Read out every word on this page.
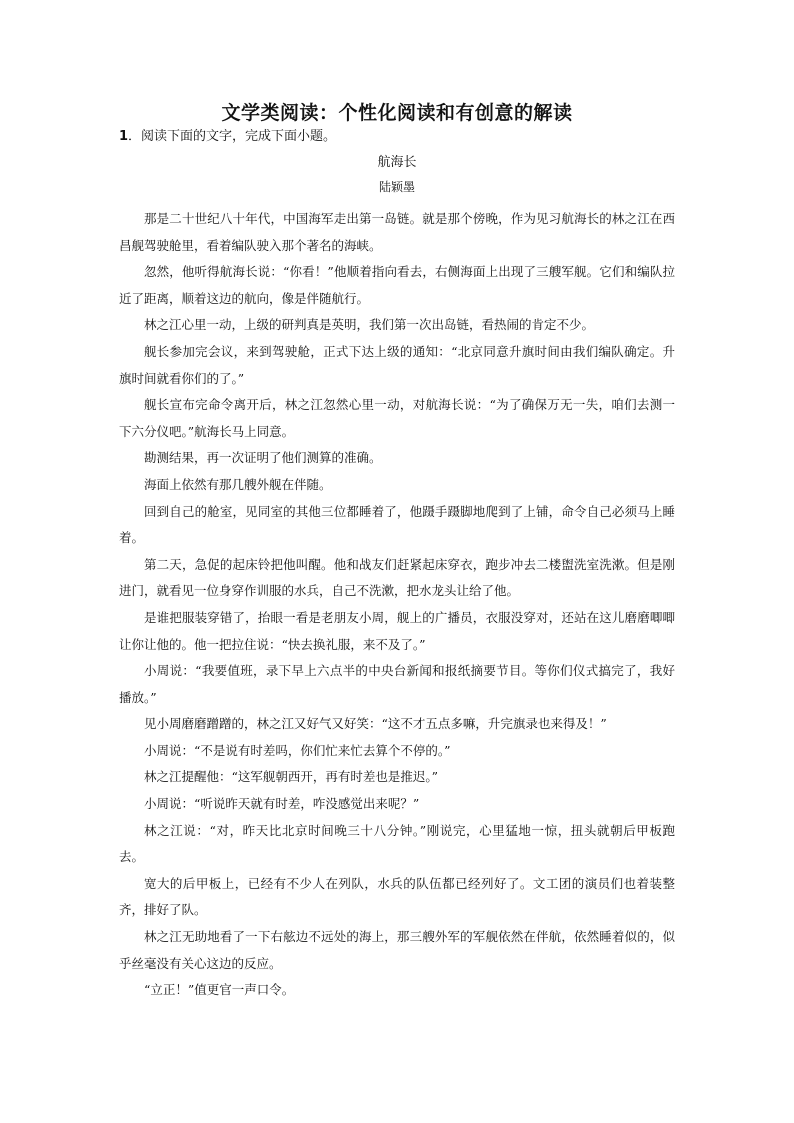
文学类阅读：个性化阅读和有创意的解读
1．阅读下面的文字，完成下面小题。
航海长
陆颖墨

那是二十世纪八十年代，中国海军走出第一岛链。就是那个傍晚，作为见习航海长的林之江在西昌舰驾驶舱里，看着编队驶入那个著名的海峡。

忽然，他听得航海长说：“你看！”他顺着指向看去，右侧海面上出现了三艘军舰。它们和编队拉近了距离，顺着这边的航向，像是伴随航行。

林之江心里一动，上级的研判真是英明，我们第一次出岛链，看热闹的肯定不少。

舰长参加完会议，来到驾驶舱，正式下达上级的通知：“北京同意升旗时间由我们编队确定。升旗时间就看你们的了。”

舰长宣布完命令离开后，林之江忽然心里一动，对航海长说：“为了确保万无一失，咱们去测一下六分仪吧。”航海长马上同意。

勘测结果，再一次证明了他们测算的准确。

海面上依然有那几艘外舰在伴随。

回到自己的舱室，见同室的其他三位都睡着了，他蹑手蹑脚地爬到了上铺，命令自己必须马上睡着。

第二天，急促的起床铃把他叫醒。他和战友们赶紧起床穿衣，跑步冲去二楼盥洗室洗漱。但是刚进门，就看见一位身穿作训服的水兵，自己不洗漱，把水龙头让给了他。

是谁把服装穿错了，抬眼一看是老朋友小周，舰上的广播员，衣服没穿对，还站在这儿磨磨唧唧让你让他的。他一把拉住说：“快去换礼服，来不及了。”

小周说：“我要值班，录下早上六点半的中央台新闻和报纸摘要节目。等你们仪式搞完了，我好播放。”

见小周磨磨蹭蹭的，林之江又好气又好笑：“这不才五点多嘛，升完旗录也来得及！”

小周说：“不是说有时差吗，你们忙来忙去算个不停的。”

林之江提醒他：“这军舰朝西开，再有时差也是推迟。”

小周说：“听说昨天就有时差，咋没感觉出来呢？”

林之江说：“对，昨天比北京时间晚三十八分钟。”刚说完，心里猛地一惊，扭头就朝后甲板跑去。

宽大的后甲板上，已经有不少人在列队，水兵的队伍都已经列好了。文工团的演员们也着装整齐，排好了队。

林之江无助地看了一下右舷边不远处的海上，那三艘外军的军舰依然在伴航，依然睡着似的，似乎丝毫没有关心这边的反应。

“立正！”值更官一声口令。
